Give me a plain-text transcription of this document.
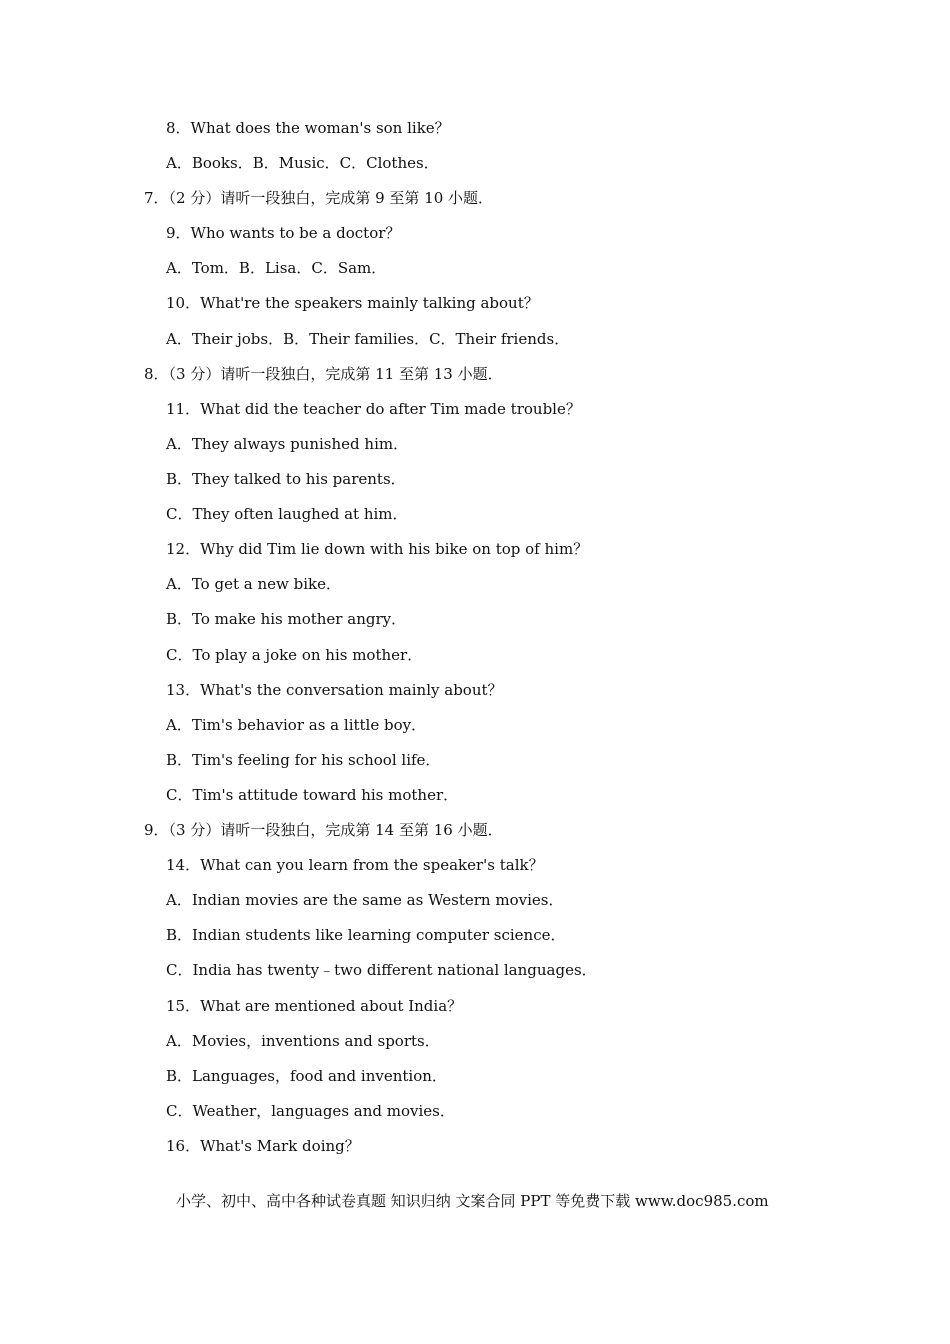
8．What does the woman's son like？
A．Books．B．Music．C．Clothes．
7．（2 分）请听一段独白，完成第 9 至第 10 小题．
9．Who wants to be a doctor？
A．Tom．B．Lisa．C．Sam．
10．What're the speakers mainly talking about？
A．Their jobs．B．Their families．C．Their friends．
8．（3 分）请听一段独白，完成第 11 至第 13 小题．
11．What did the teacher do after Tim made trouble？
A．They always punished him．
B．They talked to his parents．
C．They often laughed at him．
12．Why did Tim lie down with his bike on top of him？
A．To get a new bike．
B．To make his mother angry．
C．To play a joke on his mother．
13．What's the conversation mainly about？
A．Tim's behavior as a little boy．
B．Tim's feeling for his school life．
C．Tim's attitude toward his mother．
9．（3 分）请听一段独白，完成第 14 至第 16 小题．
14．What can you learn from the speaker's talk？
A．Indian movies are the same as Western movies．
B．Indian students like learning computer science．
C．India has twenty﹣two different national languages．
15．What are mentioned about India？
A．Movies，inventions and sports．
B．Languages，food and invention．
C．Weather，languages and movies．
16．What's Mark doing？
小学、初中、高中各种试卷真题 知识归纳 文案合同 PPT 等免费下载 www.doc985.com
